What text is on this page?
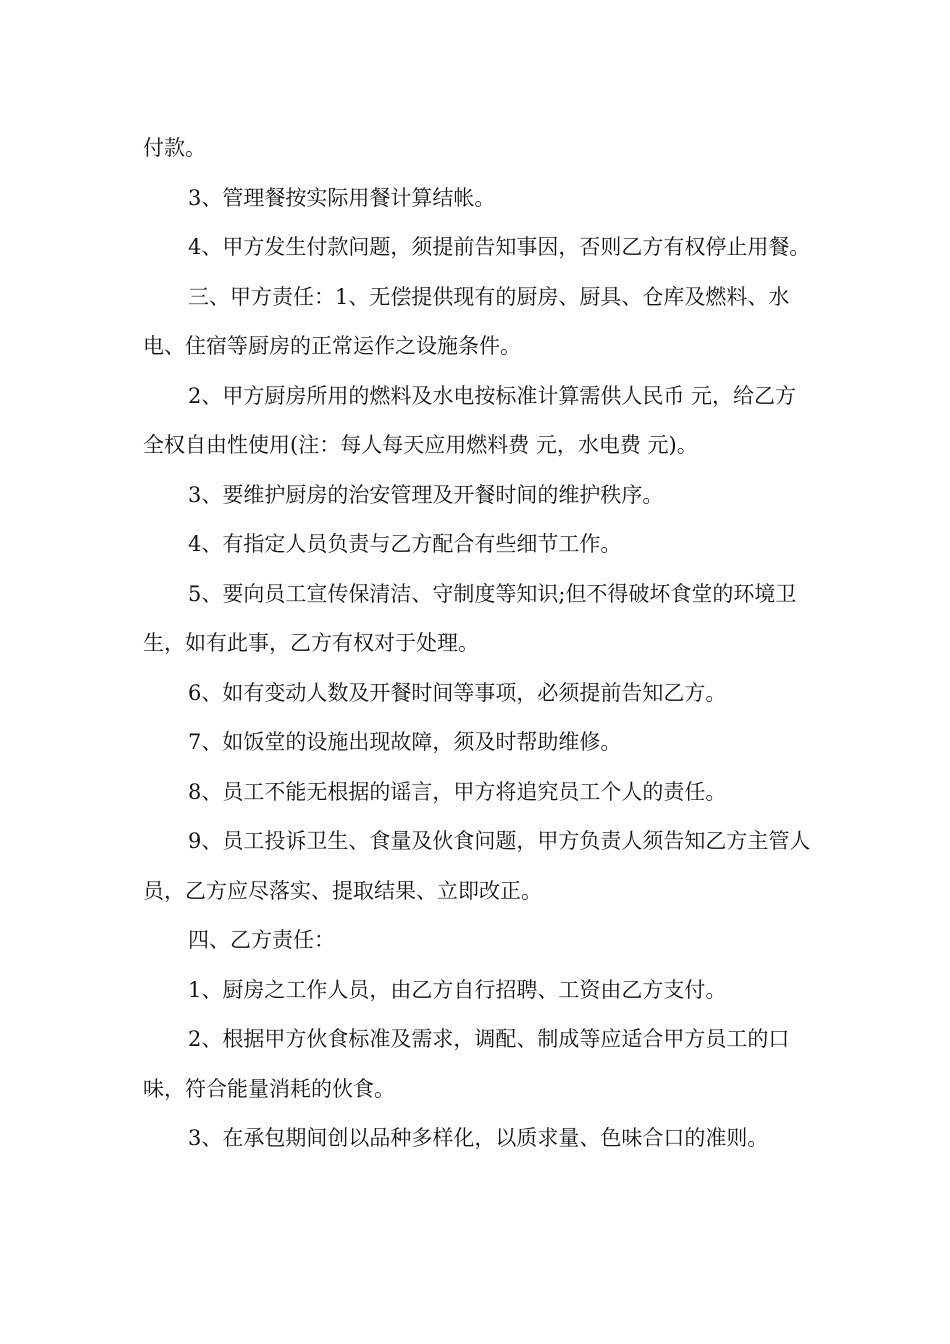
付款。

3、管理餐按实际用餐计算结帐。

4、甲方发生付款问题，须提前告知事因，否则乙方有权停止用餐。

三、甲方责任：1、无偿提供现有的厨房、厨具、仓库及燃料、水电、住宿等厨房的正常运作之设施条件。

2、甲方厨房所用的燃料及水电按标准计算需供人民币 元，给乙方全权自由性使用(注：每人每天应用燃料费 元，水电费 元)。

3、要维护厨房的治安管理及开餐时间的维护秩序。

4、有指定人员负责与乙方配合有些细节工作。

5、要向员工宣传保清洁、守制度等知识;但不得破坏食堂的环境卫生，如有此事，乙方有权对于处理。

6、如有变动人数及开餐时间等事项，必须提前告知乙方。

7、如饭堂的设施出现故障，须及时帮助维修。

8、员工不能无根据的谣言，甲方将追究员工个人的责任。

9、员工投诉卫生、食量及伙食问题，甲方负责人须告知乙方主管人员，乙方应尽落实、提取结果、立即改正。

四、乙方责任：

1、厨房之工作人员，由乙方自行招聘、工资由乙方支付。

2、根据甲方伙食标准及需求，调配、制成等应适合甲方员工的口味，符合能量消耗的伙食。

3、在承包期间创以品种多样化，以质求量、色味合口的准则。
